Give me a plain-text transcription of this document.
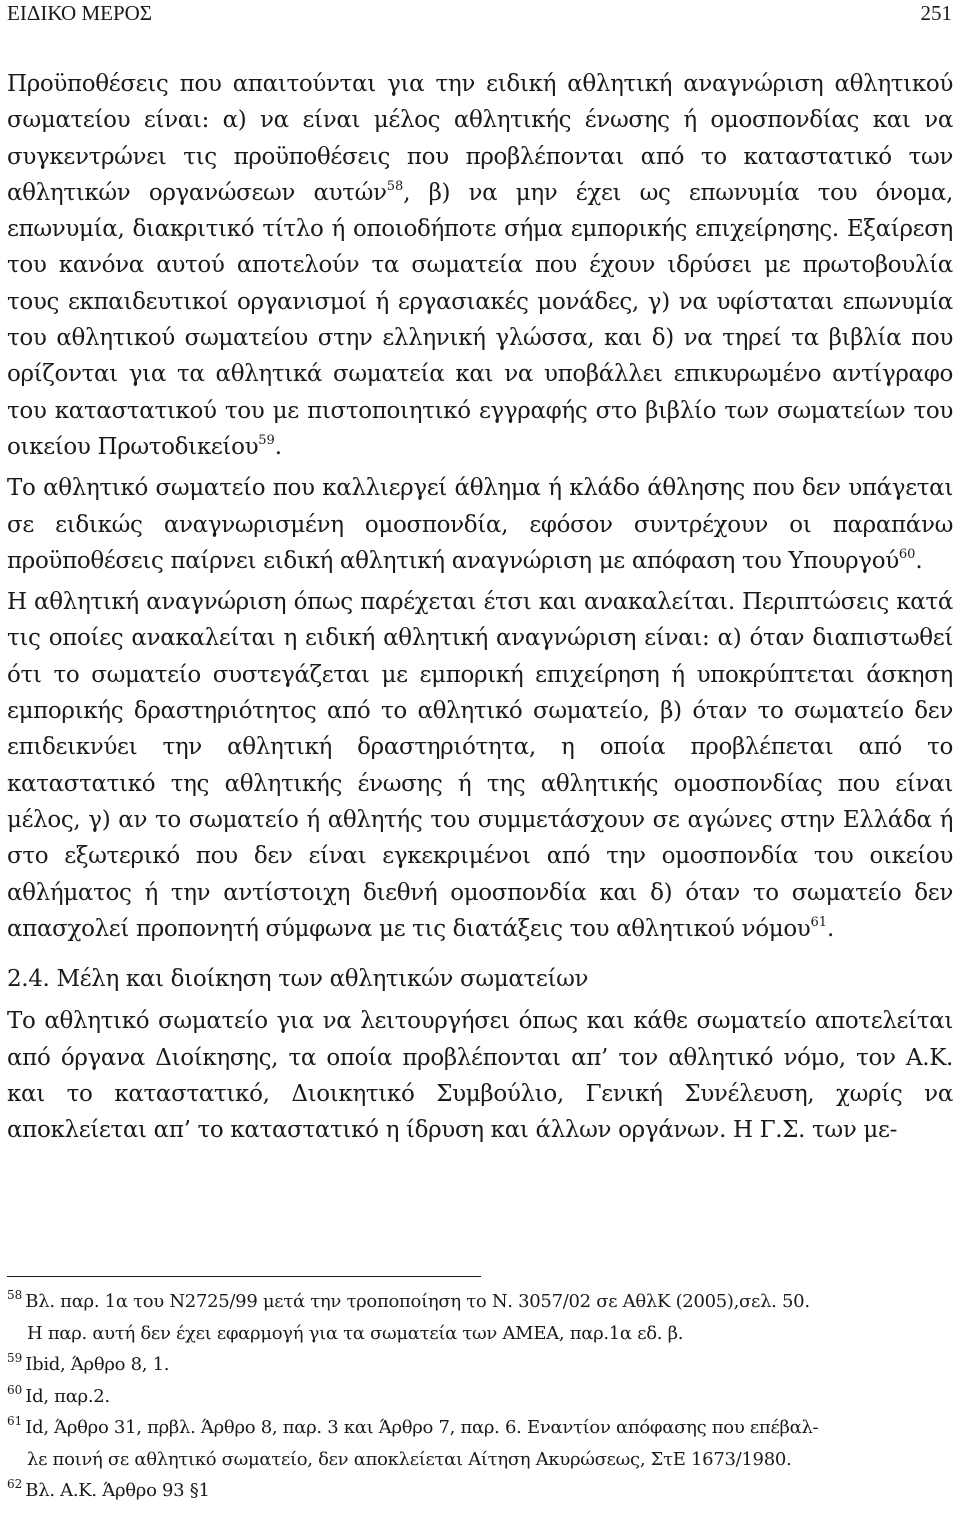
ΕΙΔΙΚΟ ΜΕΡΟΣ	251

Προϋποθέσεις που απαιτούνται για την ειδική αθλητική αναγνώριση αθλητικού σωματείου είναι: α) να είναι μέλος αθλητικής ένωσης ή ομοσπονδίας και να συγκεντρώνει τις προϋποθέσεις που προβλέπονται από το καταστατικό των αθλητικών οργανώσεων αυτών$^{58}$, β) να μην έχει ως επωνυμία του όνομα, επωνυμία, διακριτικό τίτλο ή οποιοδήποτε σήμα εμπορικής επιχείρησης. Εξαίρεση του κανόνα αυτού αποτελούν τα σωματεία που έχουν ιδρύσει με πρωτοβουλία τους εκπαιδευτικοί οργανισμοί ή εργασιακές μονάδες, γ) να υφίσταται επωνυμία του αθλητικού σωματείου στην ελληνική γλώσσα, και δ) να τηρεί τα βιβλία που ορίζονται για τα αθλητικά σωματεία και να υποβάλλει επικυρωμένο αντίγραφο του καταστατικού του με πιστοποιητικό εγγραφής στο βιβλίο των σωματείων του οικείου Πρωτοδικείου$^{59}$.

Το αθλητικό σωματείο που καλλιεργεί άθλημα ή κλάδο άθλησης που δεν υπάγεται σε ειδικώς αναγνωρισμένη ομοσπονδία, εφόσον συντρέχουν οι παραπάνω προϋποθέσεις παίρνει ειδική αθλητική αναγνώριση με απόφαση του Υπουργού$^{60}$.

Η αθλητική αναγνώριση όπως παρέχεται έτσι και ανακαλείται. Περιπτώσεις κατά τις οποίες ανακαλείται η ειδική αθλητική αναγνώριση είναι: α) όταν διαπιστωθεί ότι το σωματείο συστεγάζεται με εμπορική επιχείρηση ή υποκρύπτεται άσκηση εμπορικής δραστηριότητος από το αθλητικό σωματείο, β) όταν το σωματείο δεν επιδεικνύει την αθλητική δραστηριότητα, η οποία προβλέπεται από το καταστατικό της αθλητικής ένωσης ή της αθλητικής ομοσπονδίας που είναι μέλος, γ) αν το σωματείο ή αθλητής του συμμετάσχουν σε αγώνες στην Ελλάδα ή στο εξωτερικό που δεν είναι εγκεκριμένοι από την ομοσπονδία του οικείου αθλήματος ή την αντίστοιχη διεθνή ομοσπονδία και δ) όταν το σωματείο δεν απασχολεί προπονητή σύμφωνα με τις διατάξεις του αθλητικού νόμου$^{61}$.

2.4. Μέλη και διοίκηση των αθλητικών σωματείων

Το αθλητικό σωματείο για να λειτουργήσει όπως και κάθε σωματείο αποτελείται από όργανα Διοίκησης, τα οποία προβλέπονται απ’ τον αθλητικό νόμο, τον Α.Κ. και το καταστατικό, Διοικητικό Συμβούλιο, Γενική Συνέλευση, χωρίς να αποκλείεται απ’ το καταστατικό η ίδρυση και άλλων οργάνων. Η Γ.Σ. των με-

$^{58}$ Βλ. παρ. 1α του Ν2725/99 μετά την τροποποίηση το Ν. 3057/02 σε ΑθλΚ (2005),σελ. 50.
Η παρ. αυτή δεν έχει εφαρμογή για τα σωματεία των ΑΜΕΑ, παρ.1α εδ. β.

$^{59}$ Ibid, Άρθρο 8, 1.

$^{60}$ Id, παρ.2.

$^{61}$ Id, Άρθρο 31, πρβλ. Άρθρο 8, παρ. 3 και Άρθρο 7, παρ. 6. Εναντίον απόφασης που επέβαλ-
λε ποινή σε αθλητικό σωματείο, δεν αποκλείεται Αίτηση Ακυρώσεως, ΣτΕ 1673/1980.

$^{62}$ Βλ. Α.Κ. Άρθρο 93 §1
